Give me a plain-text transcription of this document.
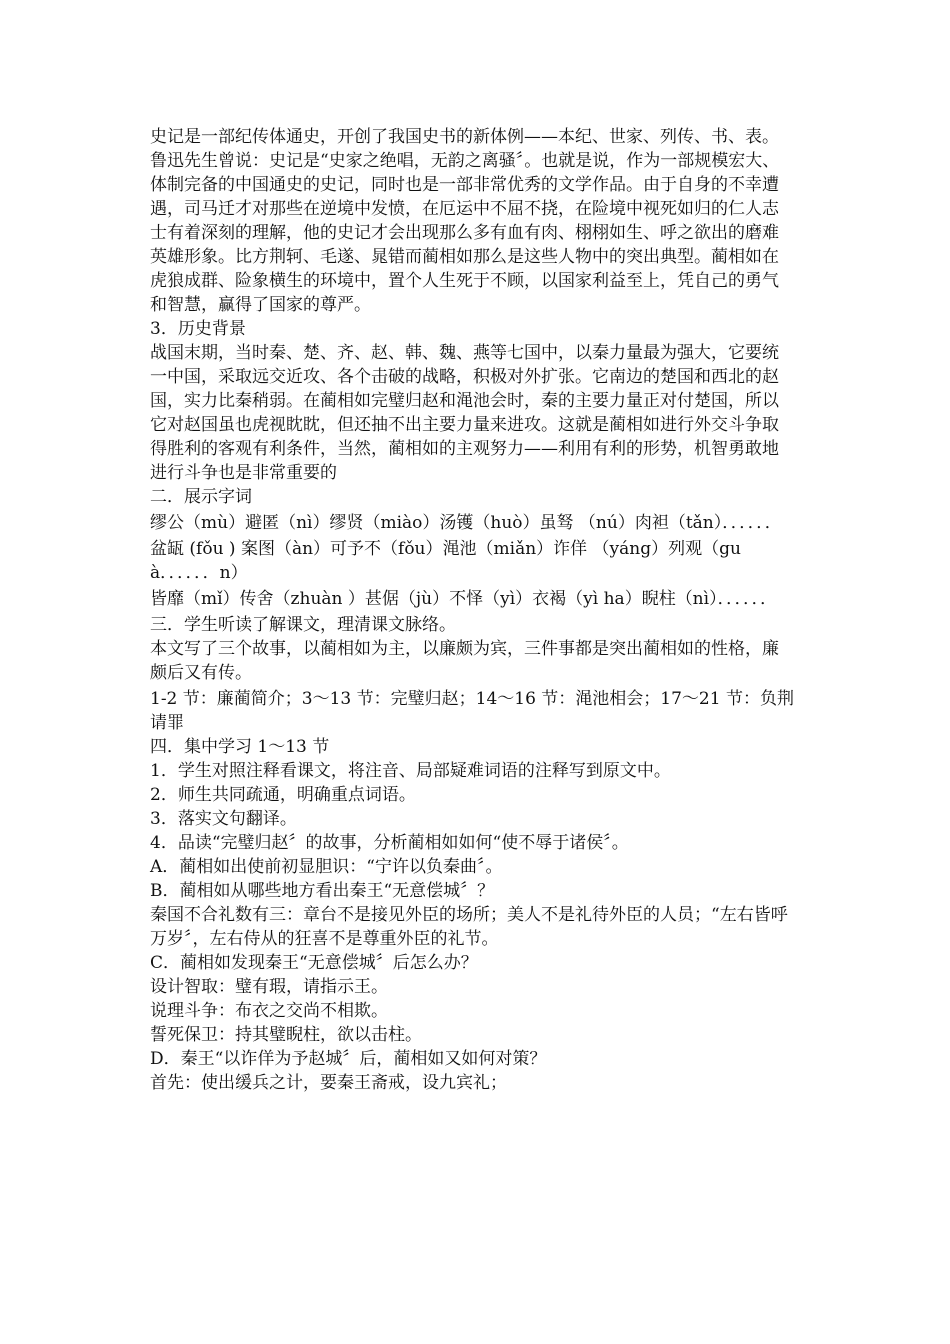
史记是一部纪传体通史，开创了我国史书的新体例——本纪、世家、列传、书、表。

鲁迅先生曾说：史记是“史家之绝唱，无韵之离骚〞。也就是说，作为一部规模宏大、体制完备的中国通史的史记，同时也是一部非常优秀的文学作品。由于自身的不幸遭遇，司马迁才对那些在逆境中发愤，在厄运中不屈不挠，在险境中视死如归的仁人志士有着深刻的理解，他的史记才会出现那么多有血有肉、栩栩如生、呼之欲出的磨难英雄形象。比方荆轲、毛遂、晁错而蔺相如那么是这些人物中的突出典型。蔺相如在虎狼成群、险象横生的环境中，置个人生死于不顾，以国家利益至上，凭自己的勇气和智慧，赢得了国家的尊严。

3．历史背景

战国末期，当时秦、楚、齐、赵、韩、魏、燕等七国中，以秦力量最为强大，它要统一中国，采取远交近攻、各个击破的战略，积极对外扩张。它南边的楚国和西北的赵国，实力比秦稍弱。在蔺相如完璧归赵和渑池会时，秦的主要力量正对付楚国，所以它对赵国虽也虎视眈眈，但还抽不出主要力量来进攻。这就是蔺相如进行外交斗争取得胜利的客观有利条件，当然，蔺相如的主观努力——利用有利的形势，机智勇敢地进行斗争也是非常重要的

二．展示字词

缪公（mù）避匿（nì）缪贤（miào）汤镬（huò）虽驽 （nú）肉袒（tǎn）．．．．．．

盆缻 (fǒu ) 案图（àn）可予不（fǒu）渑池（miǎn）诈佯 （yáng）列观（guà．．．．．．n）

皆靡（mǐ）传舍（zhuàn ）甚倨（jù）不怿（yì）衣褐（yì ha）睨柱（nì）．．．．．．

三．学生听读了解课文，理清课文脉络。

本文写了三个故事，以蔺相如为主，以廉颇为宾，三件事都是突出蔺相如的性格，廉颇后又有传。

1-2 节：廉蔺简介；3～13 节：完璧归赵；14～16 节：渑池相会；17～21 节：负荆请罪

四．集中学习 1～13 节

1．学生对照注释看课文，将注音、局部疑难词语的注释写到原文中。

2．师生共同疏通，明确重点词语。

3．落实文句翻译。

4．品读“完璧归赵〞的故事，分析蔺相如如何“使不辱于诸侯〞。

A．蔺相如出使前初显胆识：“宁许以负秦曲〞。

B．蔺相如从哪些地方看出秦王“无意偿城〞？

秦国不合礼数有三：章台不是接见外臣的场所；美人不是礼待外臣的人员；“左右皆呼万岁〞，左右侍从的狂喜不是尊重外臣的礼节。

C．蔺相如发现秦王“无意偿城〞后怎么办？

设计智取：璧有瑕，请指示王。

说理斗争：布衣之交尚不相欺。

誓死保卫：持其璧睨柱，欲以击柱。

D．秦王“以诈佯为予赵城〞后，蔺相如又如何对策？

首先：使出缓兵之计，要秦王斋戒，设九宾礼；
